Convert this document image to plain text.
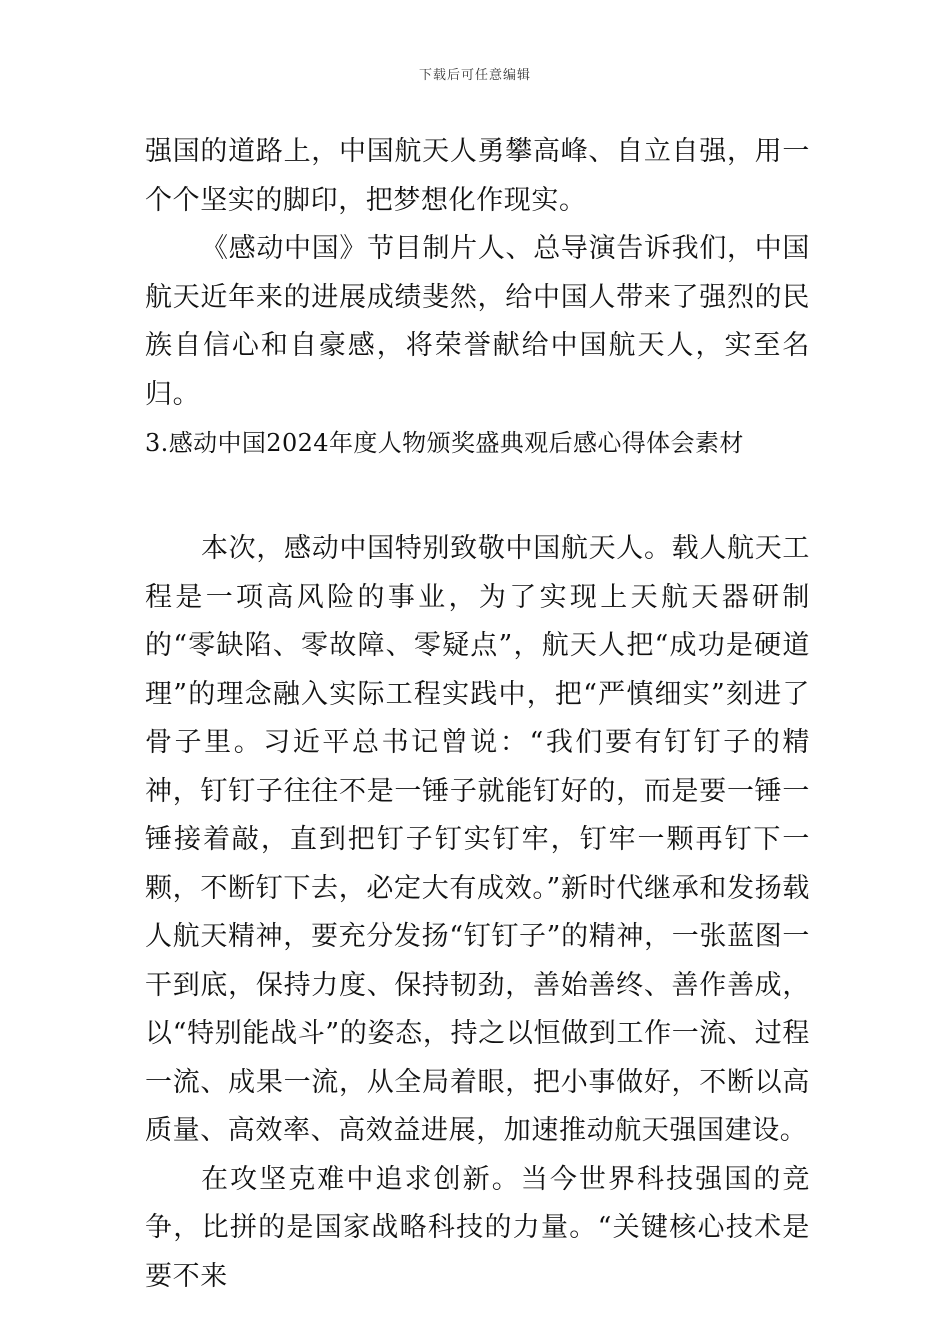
下载后可任意编辑

强国的道路上，中国航天人勇攀高峰、自立自强，用一个个坚实的脚印，把梦想化作现实。

《感动中国》节目制片人、总导演告诉我们，中国航天近年来的进展成绩斐然，给中国人带来了强烈的民族自信心和自豪感，将荣誉献给中国航天人，实至名归。

3.感动中国2024年度人物颁奖盛典观后感心得体会素材

本次，感动中国特别致敬中国航天人。载人航天工程是一项高风险的事业，为了实现上天航天器研制的“零缺陷、零故障、零疑点”，航天人把“成功是硬道理”的理念融入实际工程实践中，把“严慎细实”刻进了骨子里。习近平总书记曾说：“我们要有钉钉子的精神，钉钉子往往不是一锤子就能钉好的，而是要一锤一锤接着敲，直到把钉子钉实钉牢，钉牢一颗再钉下一颗，不断钉下去，必定大有成效。”新时代继承和发扬载人航天精神，要充分发扬“钉钉子”的精神，一张蓝图一干到底，保持力度、保持韧劲，善始善终、善作善成，以“特别能战斗”的姿态，持之以恒做到工作一流、过程一流、成果一流，从全局着眼，把小事做好，不断以高质量、高效率、高效益进展，加速推动航天强国建设。

在攻坚克难中追求创新。当今世界科技强国的竞争，比拼的是国家战略科技的力量。“关键核心技术是要不来
